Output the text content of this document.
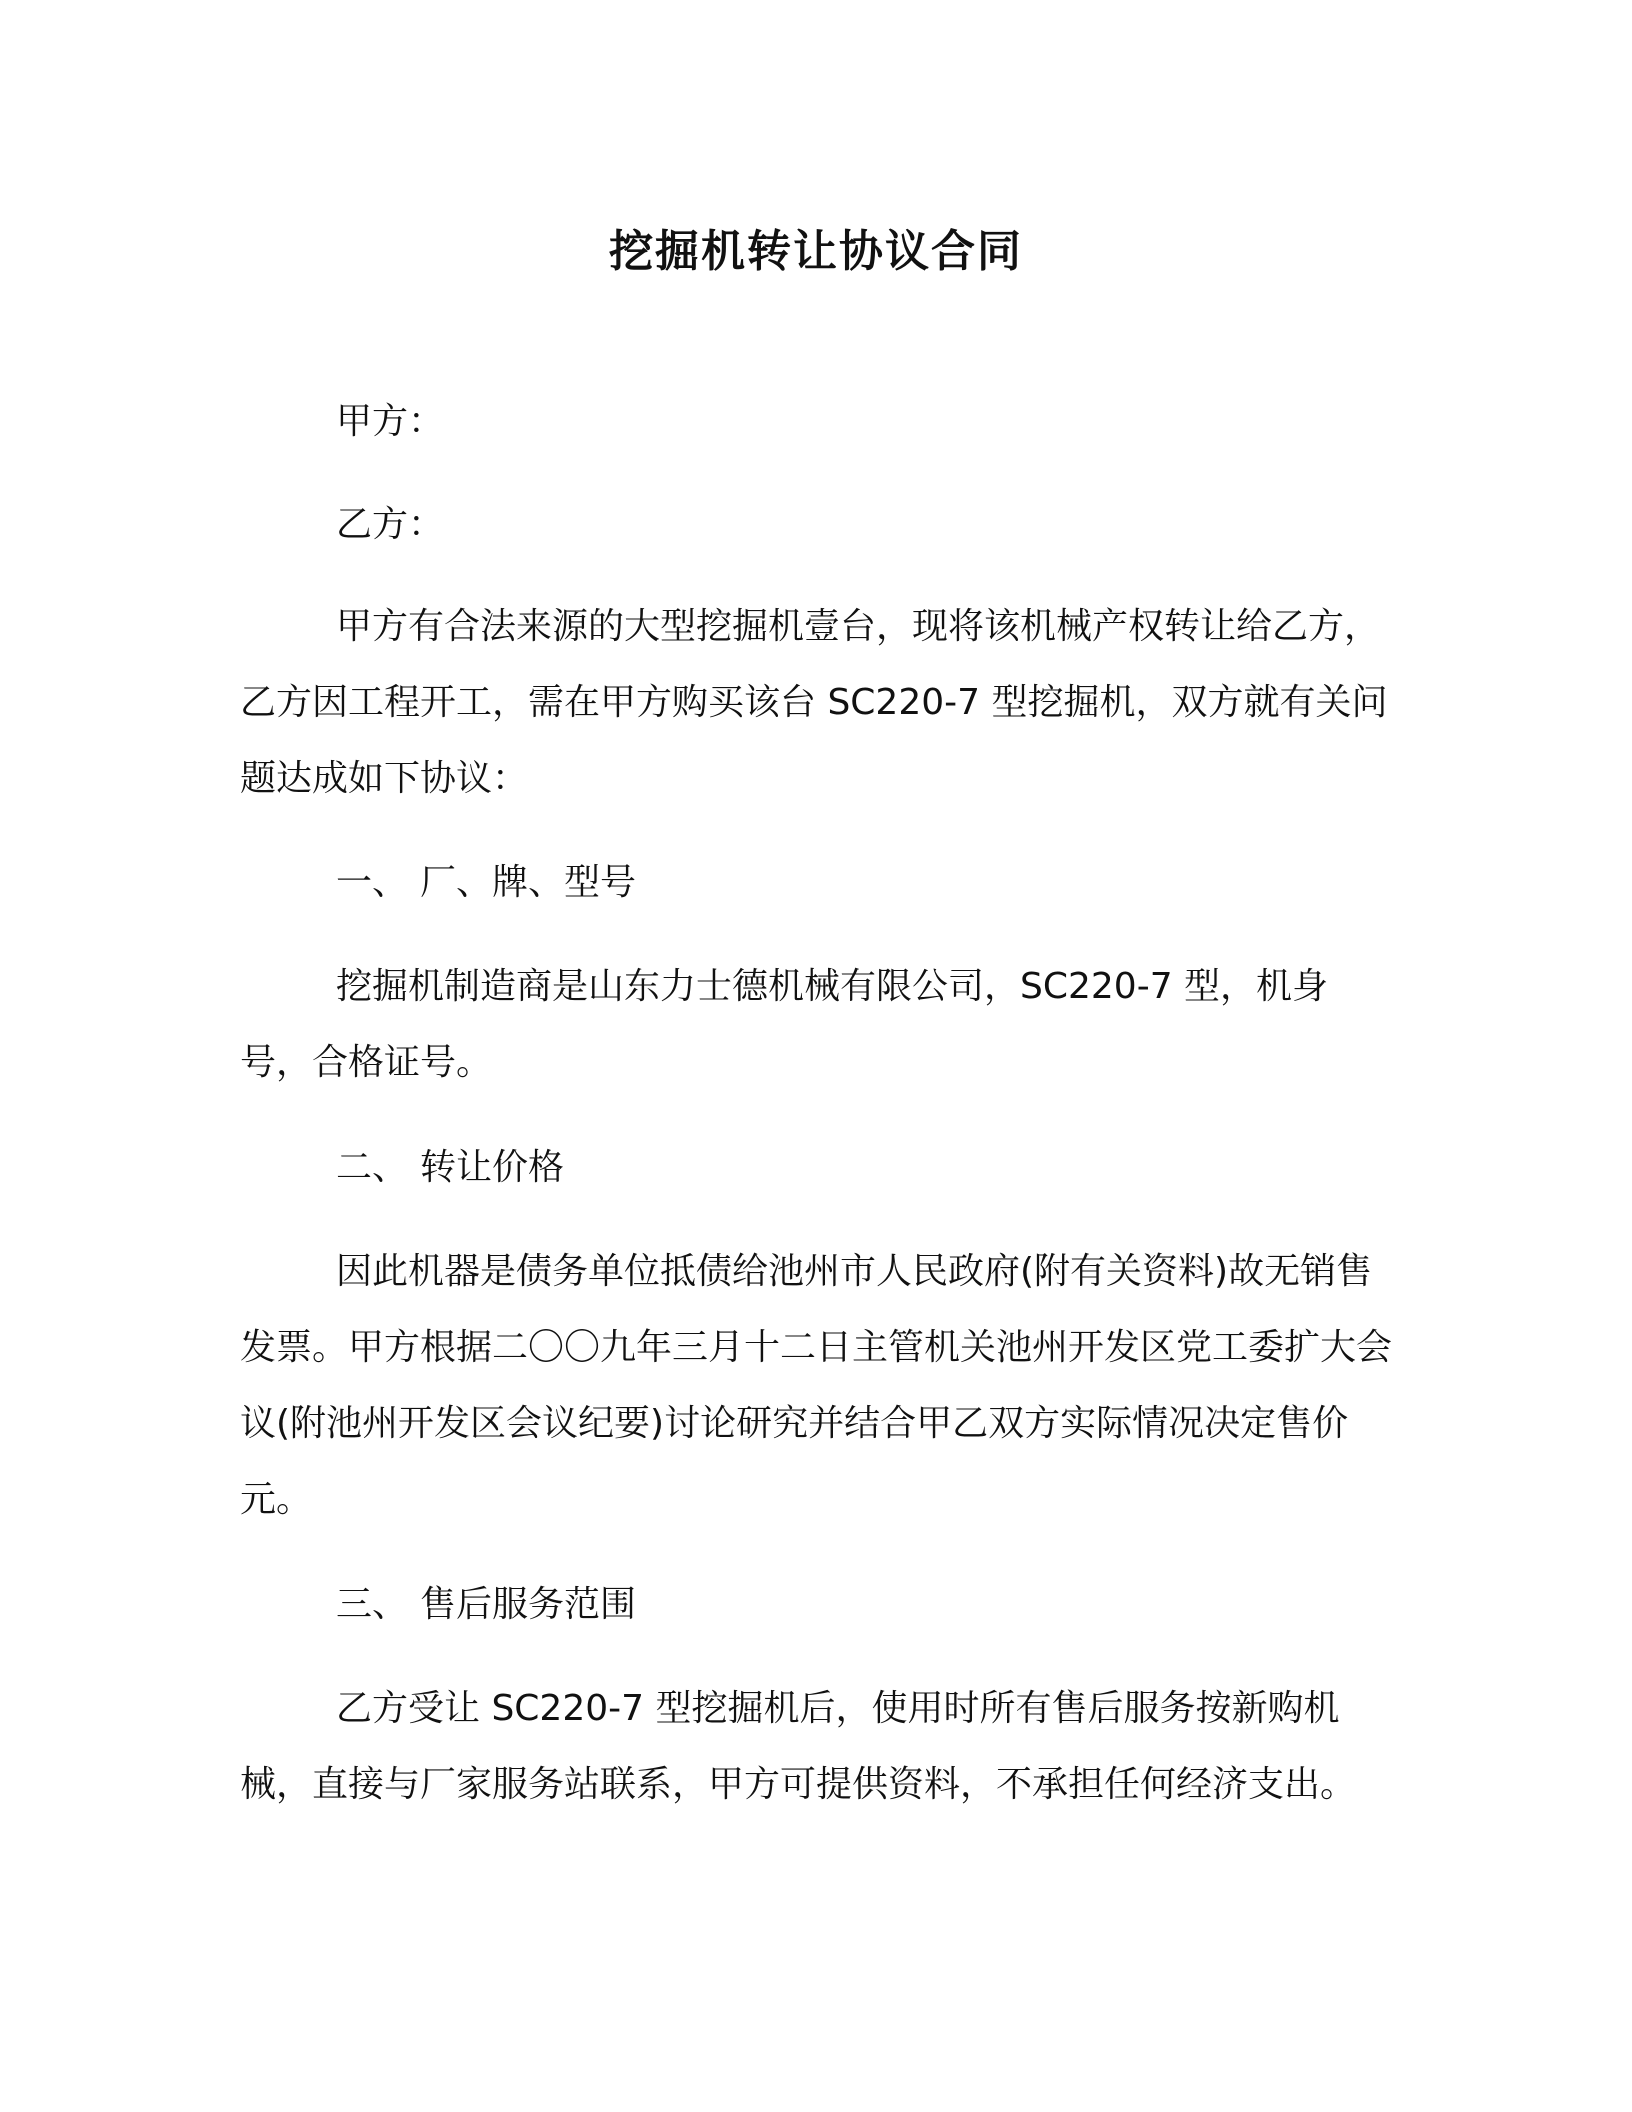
挖掘机转让协议合同

甲方：

乙方：

甲方有合法来源的大型挖掘机壹台，现将该机械产权转让给乙方，乙方因工程开工，需在甲方购买该台 SC220-7 型挖掘机，双方就有关问题达成如下协议：

一、 厂、牌、型号

挖掘机制造商是山东力士德机械有限公司，SC220-7 型，机身号，合格证号。

二、 转让价格

因此机器是债务单位抵债给池州市人民政府(附有关资料)故无销售发票。甲方根据二〇〇九年三月十二日主管机关池州开发区党工委扩大会议(附池州开发区会议纪要)讨论研究并结合甲乙双方实际情况决定售价元。

三、 售后服务范围

乙方受让 SC220-7 型挖掘机后，使用时所有售后服务按新购机械，直接与厂家服务站联系，甲方可提供资料，不承担任何经济支出。
